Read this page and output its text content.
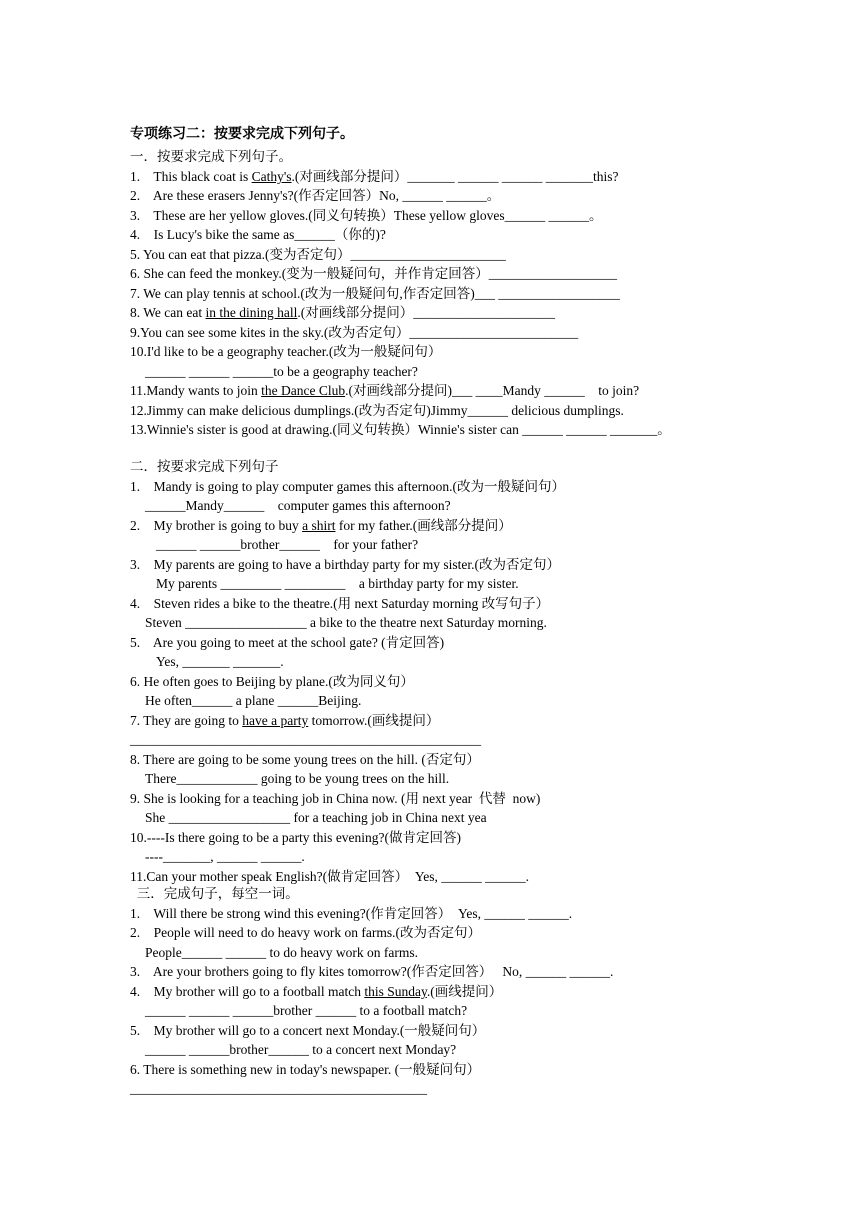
专项练习二：按要求完成下列句子。
一．按要求完成下列句子。
1.    This black coat is Cathy's.(对画线部分提问）_______ ______ ______ _______this?
2.    Are these erasers Jenny's?(作否定回答）No, ______ ______。
3.    These are her yellow gloves.(同义句转换）These yellow gloves______ ______。
4.    Is Lucy's bike the same as______（你的)?
5. You can eat that pizza.(变为否定句）_______________________
6. She can feed the monkey.(变为一般疑问句，并作肯定回答）___________________
7. We can play tennis at school.(改为一般疑问句,作否定回答)___ __________________
8. We can eat in the dining hall.(对画线部分提问）_____________________
9.You can see some kites in the sky.(改为否定句）_________________________
10.I'd like to be a geography teacher.(改为一般疑问句）
______ ______ ______to be a geography teacher?
11.Mandy wants to join the Dance Club.(对画线部分提问)___ ____Mandy ______    to join?
12.Jimmy can make delicious dumplings.(改为否定句)Jimmy______ delicious dumplings.
13.Winnie's sister is good at drawing.(同义句转换）Winnie's sister can ______ ______ _______。
二．按要求完成下列句子
1.    Mandy is going to play computer games this afternoon.(改为一般疑问句）
______Mandy______    computer games this afternoon?
2.    My brother is going to buy a shirt for my father.(画线部分提问）
______ ______brother______    for your father?
3.    My parents are going to have a birthday party for my sister.(改为否定句）
My parents _________ _________    a birthday party for my sister.
4.    Steven rides a bike to the theatre.(用 next Saturday morning 改写句子）
Steven __________________ a bike to the theatre next Saturday morning.
5.    Are you going to meet at the school gate? (肯定回答)
Yes, _______ _______.
6. He often goes to Beijing by plane.(改为同义句）
He often______ a plane ______Beijing.
7. They are going to have a party tomorrow.(画线提问）
____________________________________________________
8. There are going to be some young trees on the hill. (否定句）
There____________ going to be young trees on the hill.
9. She is looking for a teaching job in China now. (用 next year  代替  now)
She __________________ for a teaching job in China next yea
10.----Is there going to be a party this evening?(做肯定回答)
----_______, ______ ______.
11.Can your mother speak English?(做肯定回答）  Yes, ______ ______.
三．完成句子，每空一词。
1.    Will there be strong wind this evening?(作肯定回答）  Yes, ______ ______.
2.    People will need to do heavy work on farms.(改为否定句）
People______ ______ to do heavy work on farms.
3.    Are your brothers going to fly kites tomorrow?(作否定回答）   No, ______ ______.
4.    My brother will go to a football match this Sunday.(画线提问）
______ ______ ______brother ______ to a football match?
5.    My brother will go to a concert next Monday.(一般疑问句）
______ ______brother______ to a concert next Monday?
6. There is something new in today's newspaper. (一般疑问句）
____________________________________________
